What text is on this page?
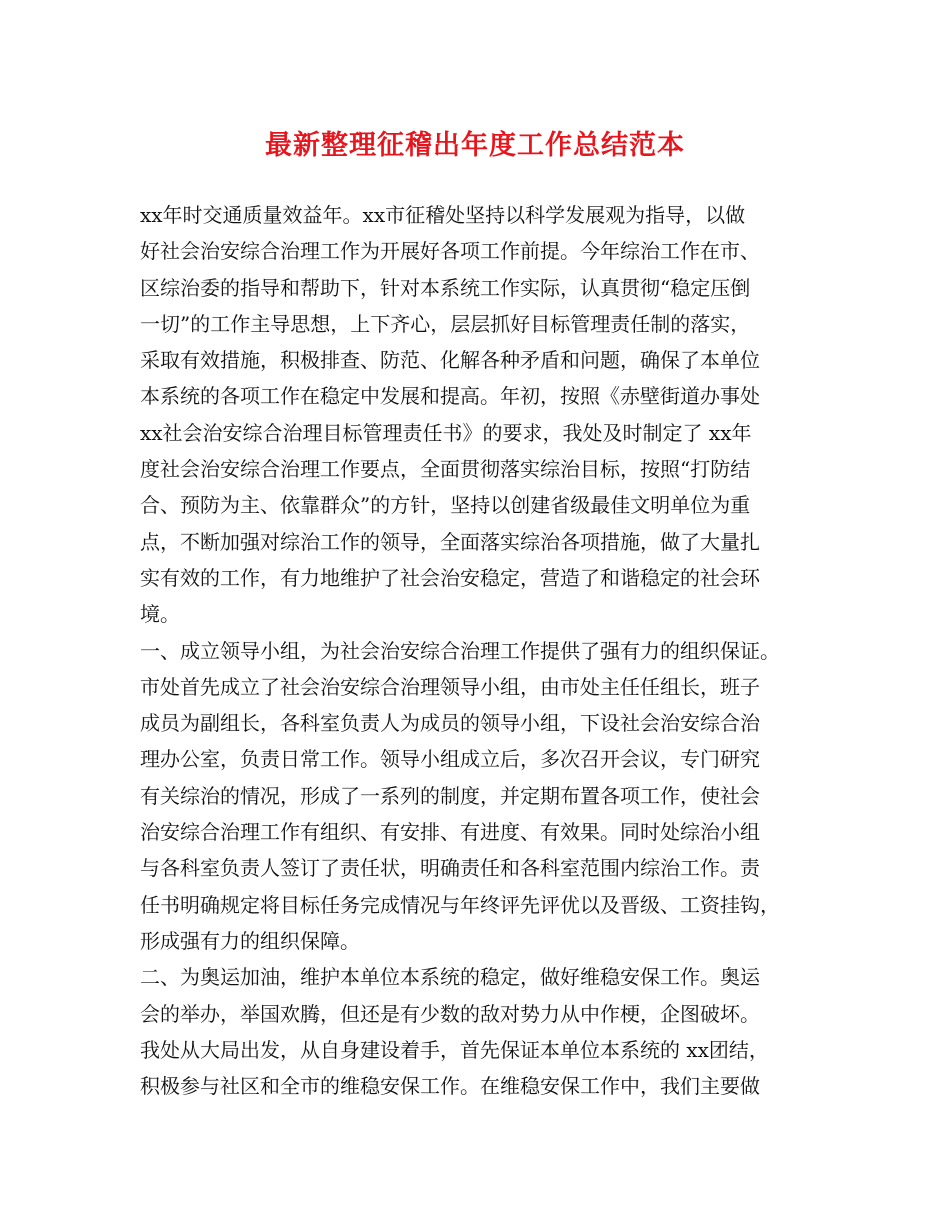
最新整理征稽出年度工作总结范本
xx年时交通质量效益年。xx市征稽处坚持以科学发展观为指导，以做
好社会治安综合治理工作为开展好各项工作前提。今年综治工作在市、
区综治委的指导和帮助下，针对本系统工作实际，认真贯彻“稳定压倒
一切”的工作主导思想，上下齐心，层层抓好目标管理责任制的落实，
采取有效措施，积极排查、防范、化解各种矛盾和问题，确保了本单位
本系统的各项工作在稳定中发展和提高。年初，按照《赤壁街道办事处
xx社会治安综合治理目标管理责任书》的要求，我处及时制定了 xx年
度社会治安综合治理工作要点，全面贯彻落实综治目标，按照“打防结
合、预防为主、依靠群众”的方针，坚持以创建省级最佳文明单位为重
点，不断加强对综治工作的领导，全面落实综治各项措施，做了大量扎
实有效的工作，有力地维护了社会治安稳定，营造了和谐稳定的社会环
境。
一、成立领导小组，为社会治安综合治理工作提供了强有力的组织保证。
市处首先成立了社会治安综合治理领导小组，由市处主任任组长，班子
成员为副组长，各科室负责人为成员的领导小组，下设社会治安综合治
理办公室，负责日常工作。领导小组成立后，多次召开会议，专门研究
有关综治的情况，形成了一系列的制度，并定期布置各项工作，使社会
治安综合治理工作有组织、有安排、有进度、有效果。同时处综治小组
与各科室负责人签订了责任状，明确责任和各科室范围内综治工作。责
任书明确规定将目标任务完成情况与年终评先评优以及晋级、工资挂钩，
形成强有力的组织保障。
二、为奥运加油，维护本单位本系统的稳定，做好维稳安保工作。奥运
会的举办，举国欢腾，但还是有少数的敌对势力从中作梗，企图破坏。
我处从大局出发，从自身建设着手，首先保证本单位本系统的 xx团结，
积极参与社区和全市的维稳安保工作。在维稳安保工作中，我们主要做
